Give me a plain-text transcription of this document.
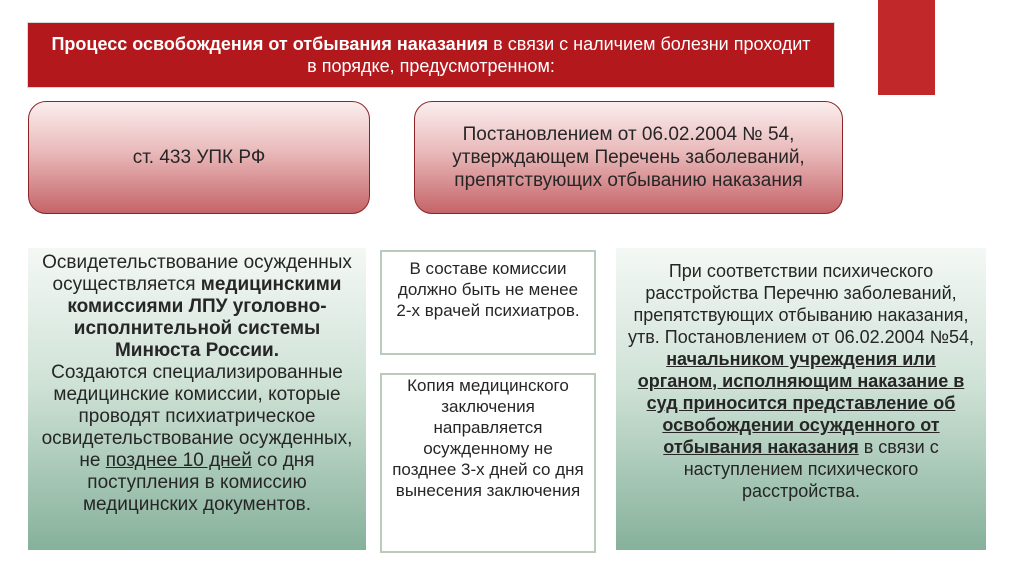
Процесс освобождения от отбывания наказания в связи с наличием болезни проходит в порядке, предусмотренном:
ст. 433 УПК РФ
Постановлением от 06.02.2004 № 54, утверждающем Перечень заболеваний, препятствующих отбыванию наказания
Освидетельствование осужденных осуществляется медицинскими комиссиями ЛПУ уголовно-исполнительной системы Минюста России.
Создаются специализированные медицинские комиссии, которые проводят психиатрическое освидетельствование осужденных, не позднее 10 дней со дня поступления в комиссию медицинских документов.
В составе комиссии должно быть не менее 2-х врачей психиатров.
Копия медицинского заключения направляется осужденному не позднее 3-х дней со дня вынесения заключения
При соответствии психического расстройства Перечню заболеваний, препятствующих отбыванию наказания, утв. Постановлением от 06.02.2004 №54, начальником учреждения или органом, исполняющим наказание в суд приносится представление об освобождении осужденного от отбывания наказания в связи с наступлением психического расстройства.
